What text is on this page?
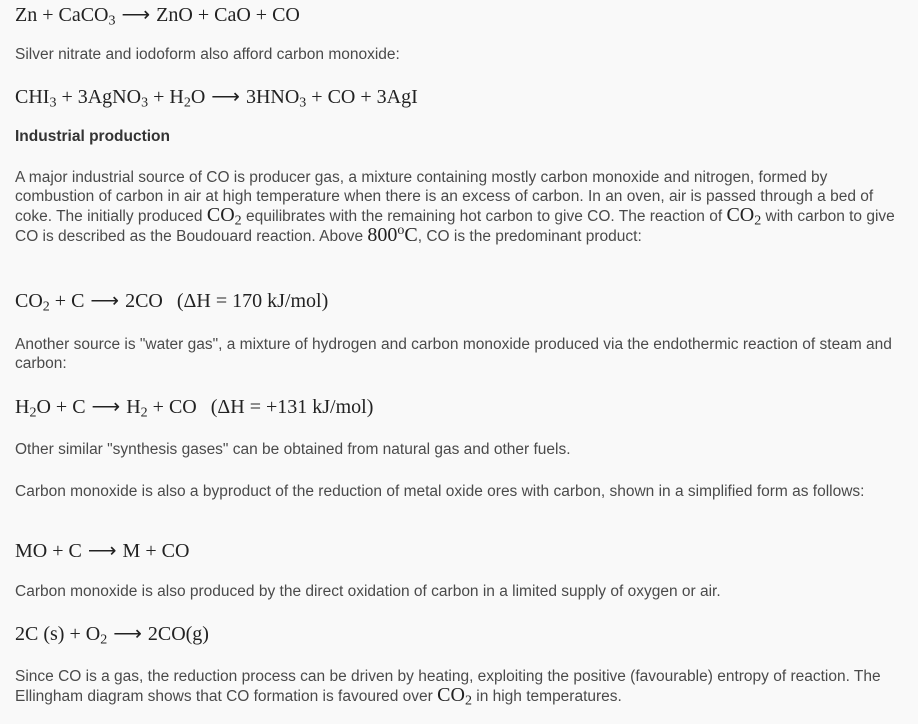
Zn + CaCO$_3$ ⟶ ZnO + CaO + CO
Silver nitrate and iodoform also afford carbon monoxide:
$CHI_3$ + 3AgNO$_3$ + $H_2O$ ⟶ $3HNO_3$ + CO + 3AgI
Industrial production
A major industrial source of CO is producer gas, a mixture containing mostly carbon monoxide and nitrogen, formed by combustion of carbon in air at high temperature when there is an excess of carbon. In an oven, air is passed through a bed of coke. The initially produced $CO_2$ equilibrates with the remaining hot carbon to give CO. The reaction of $CO_2$ with carbon to give CO is described as the Boudouard reaction. Above 800$^o$C, CO is the predominant product:
$CO_2 + C$ ⟶ 2CO (ΔH = 170 kJ/mol)
Another source is "water gas", a mixture of hydrogen and carbon monoxide produced via the endothermic reaction of steam and carbon:
$H_2O + C$ ⟶ $H_2$ + CO (ΔH = +131 kJ/mol)
Other similar "synthesis gases" can be obtained from natural gas and other fuels.
Carbon monoxide is also a byproduct of the reduction of metal oxide ores with carbon, shown in a simplified form as follows:
MO + C ⟶ M + CO
Carbon monoxide is also produced by the direct oxidation of carbon in a limited supply of oxygen or air.
2C $(s) + O_2$ ⟶ 2CO(g)
Since CO is a gas, the reduction process can be driven by heating, exploiting the positive (favourable) entropy of reaction. The Ellingham diagram shows that CO formation is favoured over $CO_2$ in high temperatures.
